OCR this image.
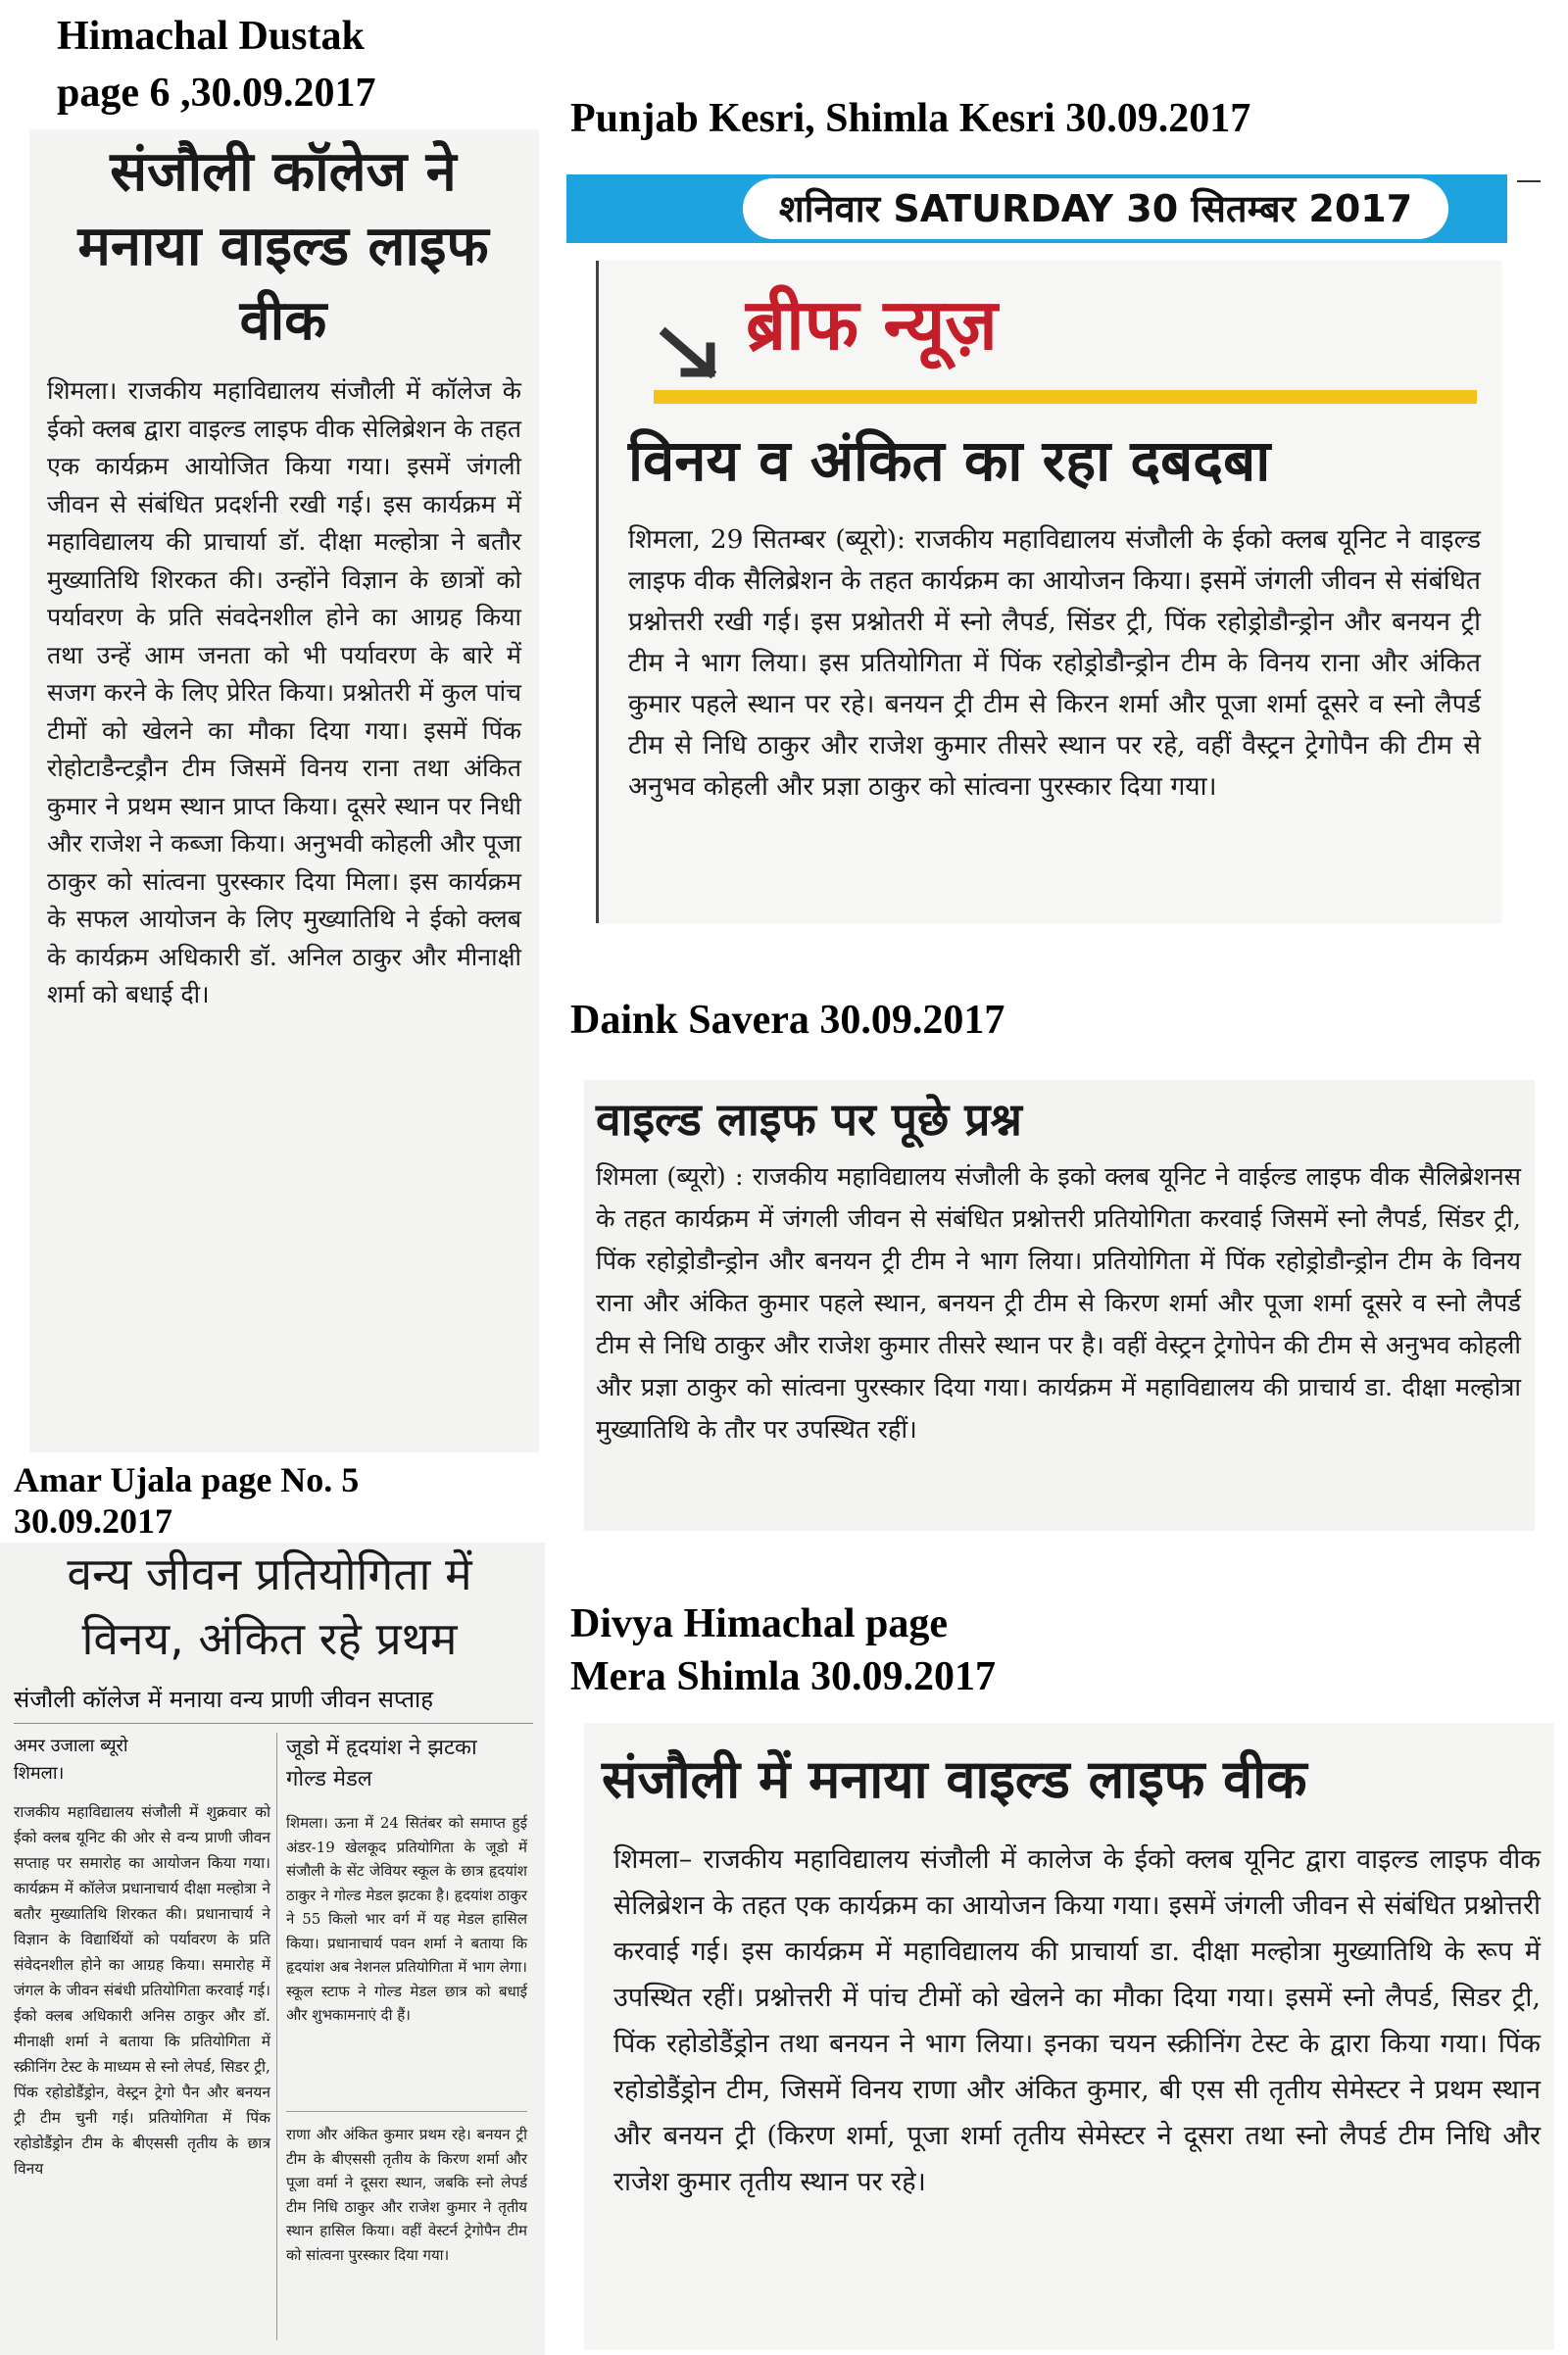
Himachal Dustak
page 6 ,30.09.2017
Punjab Kesri, Shimla Kesri 30.09.2017
Daink Savera 30.09.2017
Amar Ujala page No. 5
30.09.2017
Divya Himachal page
Mera Shimla 30.09.2017
संजौली कॉलेज ने मनाया वाइल्ड लाइफ वीक
शिमला। राजकीय महाविद्यालय संजौली में कॉलेज के ईको क्लब द्वारा वाइल्ड लाइफ वीक सेलिब्रेशन के तहत एक कार्यक्रम आयोजित किया गया। इसमें जंगली जीवन से संबंधित प्रदर्शनी रखी गई। इस कार्यक्रम में महाविद्यालय की प्राचार्या डॉ. दीक्षा मल्होत्रा ने बतौर मुख्यातिथि शिरकत की। उन्होंने विज्ञान के छात्रों को पर्यावरण के प्रति संवदेनशील होने का आग्रह किया तथा उन्हें आम जनता को भी पर्यावरण के बारे में सजग करने के लिए प्रेरित किया। प्रश्नोतरी में कुल पांच टीमों को खेलने का मौका दिया गया। इसमें पिंक रोहोटाडैन्टड्रौन टीम जिसमें विनय राना तथा अंकित कुमार ने प्रथम स्थान प्राप्त किया। दूसरे स्थान पर निधी और राजेश ने कब्जा किया। अनुभवी कोहली और पूजा ठाकुर को सांत्वना पुरस्कार दिया मिला। इस कार्यक्रम के सफल आयोजन के लिए मुख्यातिथि ने ईको क्लब के कार्यक्रम अधिकारी डॉ. अनिल ठाकुर और मीनाक्षी शर्मा को बधाई दी।
शनिवार SATURDAY 30 सितम्बर 2017
ब्रीफ न्यूज़
विनय व अंकित का रहा दबदबा
शिमला, 29 सितम्बर (ब्यूरो): राजकीय महाविद्यालय संजौली के ईको क्लब यूनिट ने वाइल्ड लाइफ वीक सैलिब्रेशन के तहत कार्यक्रम का आयोजन किया। इसमें जंगली जीवन से संबंधित प्रश्नोत्तरी रखी गई। इस प्रश्नोतरी में स्नो लैपर्ड, सिंडर ट्री, पिंक रहोड्रोडौन्ड्रोन और बनयन ट्री टीम ने भाग लिया। इस प्रतियोगिता में पिंक रहोड्रोडौन्ड्रोन टीम के विनय राना और अंकित कुमार पहले स्थान पर रहे। बनयन ट्री टीम से किरन शर्मा और पूजा शर्मा दूसरे व स्नो लैपर्ड टीम से निधि ठाकुर और राजेश कुमार तीसरे स्थान पर रहे, वहीं वैस्ट्रन ट्रेगोपैन की टीम से अनुभव कोहली और प्रज्ञा ठाकुर को सांत्वना पुरस्कार दिया गया।
वाइल्ड लाइफ पर पूछे प्रश्न
शिमला (ब्यूरो) : राजकीय महाविद्यालय संजौली के इको क्लब यूनिट ने वाईल्ड लाइफ वीक सैलिब्रेशनस के तहत कार्यक्रम में जंगली जीवन से संबंधित प्रश्नोत्तरी प्रतियोगिता करवाई जिसमें स्नो लैपर्ड, सिंडर ट्री, पिंक रहोड्रोडौन्ड्रोन और बनयन ट्री टीम ने भाग लिया। प्रतियोगिता में पिंक रहोड्रोडौन्ड्रोन टीम के विनय राना और अंकित कुमार पहले स्थान, बनयन ट्री टीम से किरण शर्मा और पूजा शर्मा दूसरे व स्नो लैपर्ड टीम से निधि ठाकुर और राजेश कुमार तीसरे स्थान पर है। वहीं वेस्ट्रन ट्रेगोपेन की टीम से अनुभव कोहली और प्रज्ञा ठाकुर को सांत्वना पुरस्कार दिया गया। कार्यक्रम में महाविद्यालय की प्राचार्य डा. दीक्षा मल्होत्रा मुख्यातिथि के तौर पर उपस्थित रहीं।
वन्य जीवन प्रतियोगिता में
विनय, अंकित रहे प्रथम
संजौली कॉलेज में मनाया वन्य प्राणी जीवन सप्ताह
अमर उजाला ब्यूरो
शिमला।
राजकीय महाविद्यालय संजौली में शुक्रवार को ईको क्लब यूनिट की ओर से वन्य प्राणी जीवन सप्ताह पर समारोह का आयोजन किया गया। कार्यक्रम में कॉलेज प्रधानाचार्य दीक्षा मल्होत्रा ने बतौर मुख्यातिथि शिरकत की। प्रधानाचार्य ने विज्ञान के विद्यार्थियों को पर्यावरण के प्रति संवेदनशील होने का आग्रह किया। समारोह में जंगल के जीवन संबंधी प्रतियोगिता करवाई गई। ईको क्लब अधिकारी अनिस ठाकुर और डॉ. मीनाक्षी शर्मा ने बताया कि प्रतियोगिता में स्क्रीनिंग टेस्ट के माध्यम से स्नो लेपर्ड, सिडर ट्री, पिंक रहोडोडैंड्रोन, वेस्ट्रन ट्रेगो पैन और बनयन ट्री टीम चुनी गई। प्रतियोगिता में पिंक रहोडोडैंड्रोन टीम के बीएससी तृतीय के छात्र विनय
जूडो में हृदयांश ने झटका गोल्ड मेडल
शिमला। ऊना में 24 सितंबर को समाप्त हुई अंडर-19 खेलकूद प्रतियोगिता के जूडो में संजौली के सेंट जेवियर स्कूल के छात्र हृदयांश ठाकुर ने गोल्ड मेडल झटका है। हृदयांश ठाकुर ने 55 किलो भार वर्ग में यह मेडल हासिल किया। प्रधानाचार्य पवन शर्मा ने बताया कि हृदयांश अब नेशनल प्रतियोगिता में भाग लेगा। स्कूल स्टाफ ने गोल्ड मेडल छात्र को बधाई और शुभकामनाएं दी हैं।
राणा और अंकित कुमार प्रथम रहे। बनयन ट्री टीम के बीएससी तृतीय के किरण शर्मा और पूजा वर्मा ने दूसरा स्थान, जबकि स्नो लेपर्ड टीम निधि ठाकुर और राजेश कुमार ने तृतीय स्थान हासिल किया। वहीं वेस्टर्न ट्रेगोपैन टीम को सांत्वना पुरस्कार दिया गया।
संजौली में मनाया वाइल्ड लाइफ वीक
शिमला– राजकीय महाविद्यालय संजौली में कालेज के ईको क्लब यूनिट द्वारा वाइल्ड लाइफ वीक सेलिब्रेशन के तहत एक कार्यक्रम का आयोजन किया गया। इसमें जंगली जीवन से संबंधित प्रश्नोत्तरी करवाई गई। इस कार्यक्रम में महाविद्यालय की प्राचार्या डा. दीक्षा मल्होत्रा मुख्यातिथि के रूप में उपस्थित रहीं। प्रश्नोत्तरी में पांच टीमों को खेलने का मौका दिया गया। इसमें स्नो लैपर्ड, सिडर ट्री, पिंक रहोडोडैंड्रोन तथा बनयन ने भाग लिया। इनका चयन स्क्रीनिंग टेस्ट के द्वारा किया गया। पिंक रहोडोडैंड्रोन टीम, जिसमें विनय राणा और अंकित कुमार, बी एस सी तृतीय सेमेस्टर ने प्रथम स्थान और बनयन ट्री (किरण शर्मा, पूजा शर्मा तृतीय सेमेस्टर ने दूसरा तथा स्नो लैपर्ड टीम निधि और राजेश कुमार तृतीय स्थान पर रहे।
